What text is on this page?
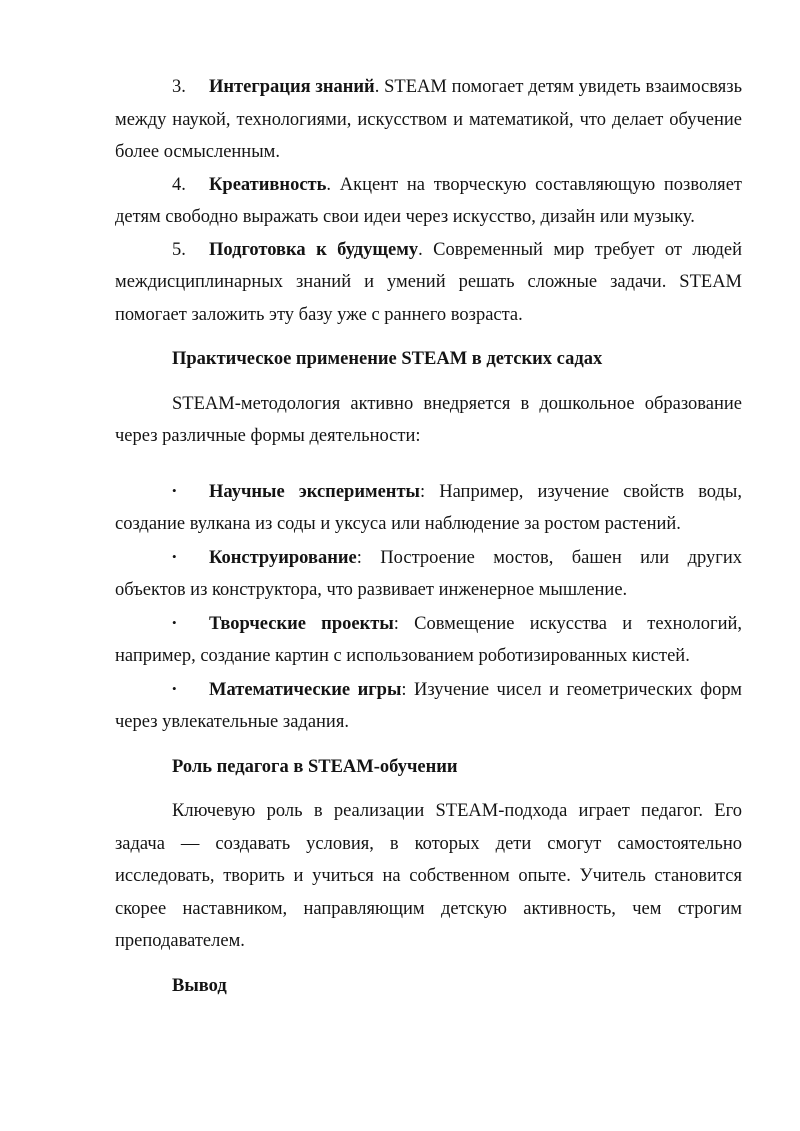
3. Интеграция знаний. STEAM помогает детям увидеть взаимосвязь между наукой, технологиями, искусством и математикой, что делает обучение более осмысленным.

4. Креативность. Акцент на творческую составляющую позволяет детям свободно выражать свои идеи через искусство, дизайн или музыку.

5. Подготовка к будущему. Современный мир требует от людей междисциплинарных знаний и умений решать сложные задачи. STEAM помогает заложить эту базу уже с раннего возраста.

Практическое применение STEAM в детских садах

STEAM-методология активно внедряется в дошкольное образование через различные формы деятельности:

• Научные эксперименты: Например, изучение свойств воды, создание вулкана из соды и уксуса или наблюдение за ростом растений.

• Конструирование: Построение мостов, башен или других объектов из конструктора, что развивает инженерное мышление.

• Творческие проекты: Совмещение искусства и технологий, например, создание картин с использованием роботизированных кистей.

• Математические игры: Изучение чисел и геометрических форм через увлекательные задания.

Роль педагога в STEAM-обучении

Ключевую роль в реализации STEAM-подхода играет педагог. Его задача — создавать условия, в которых дети смогут самостоятельно исследовать, творить и учиться на собственном опыте. Учитель становится скорее наставником, направляющим детскую активность, чем строгим преподавателем.

Вывод
